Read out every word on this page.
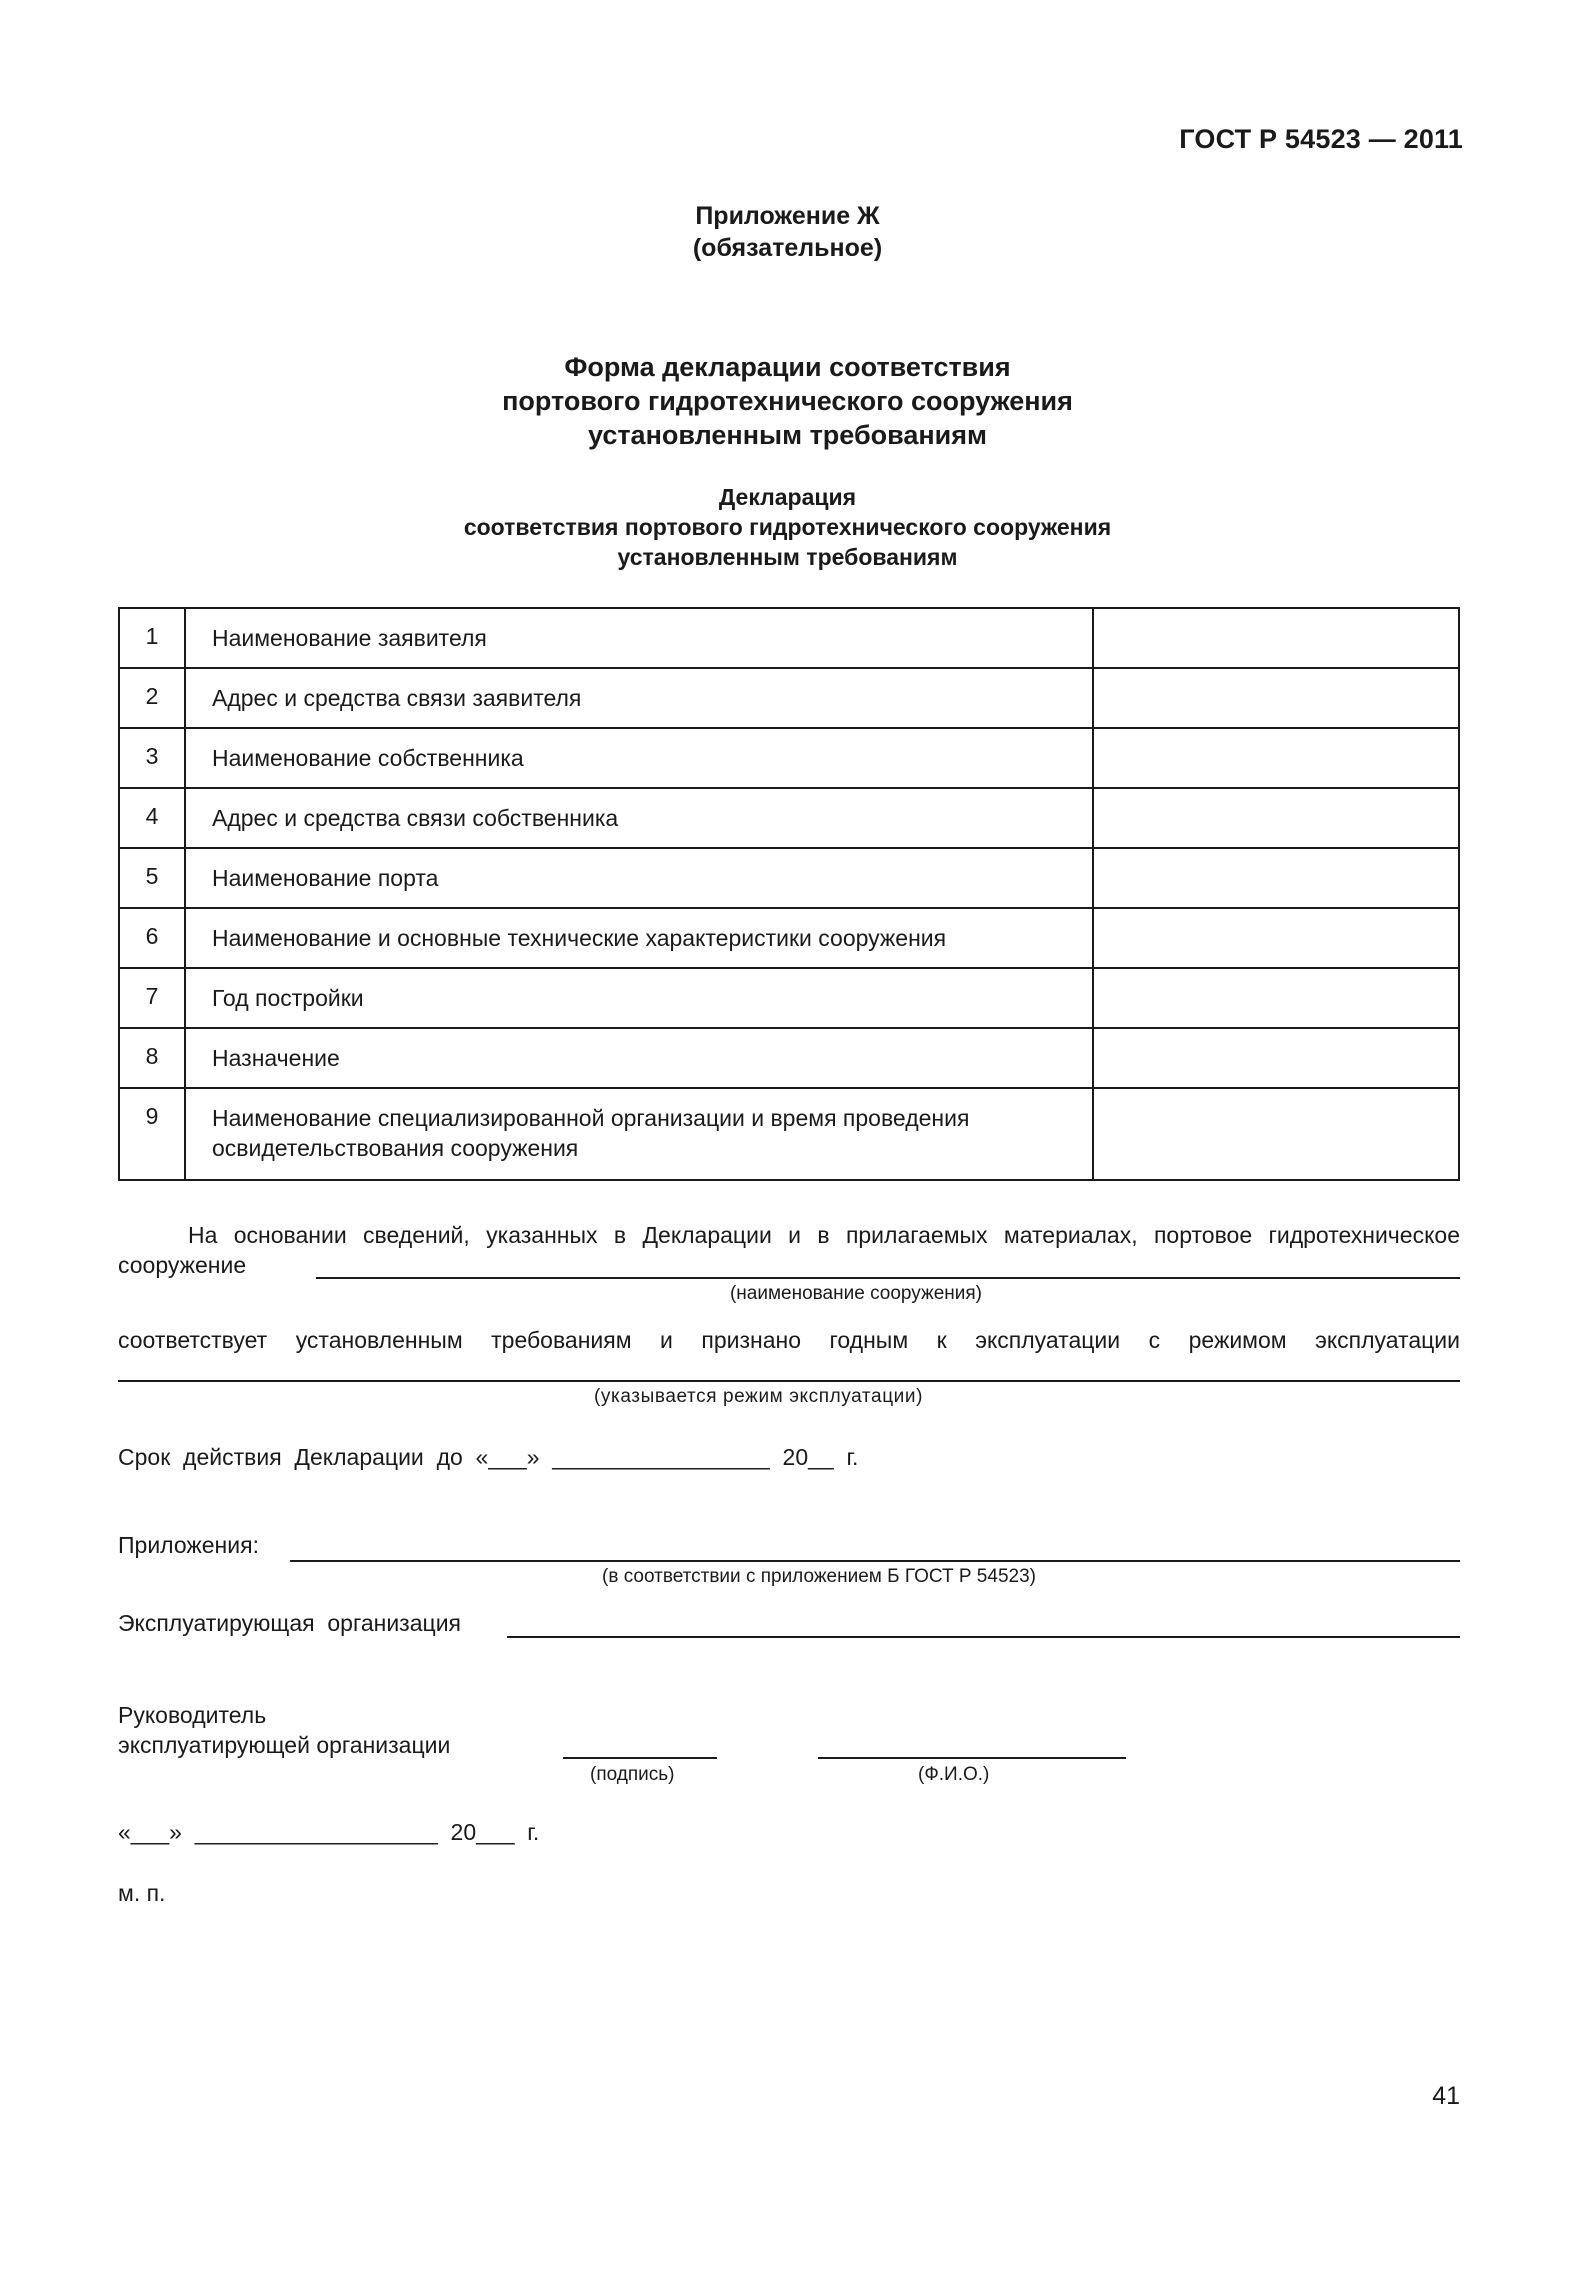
ГОСТ Р 54523 — 2011
Приложение Ж
(обязательное)
Форма декларации соответствия
портового гидротехнического сооружения
установленным требованиям
Декларация
соответствия портового гидротехнического сооружения
установленным требованиям
1	Наименование заявителя	
2	Адрес и средства связи заявителя	
3	Наименование собственника	
4	Адрес и средства связи собственника	
5	Наименование порта	
6	Наименование и основные технические характеристики сооружения	
7	Год постройки	
8	Назначение	
9	Наименование специализированной организации и время проведения освидетельствования сооружения	
На основании сведений, указанных в Декларации и в прилагаемых материалах, портовое гидротехническое сооружение
(наименование сооружения)
соответствует установленным требованиям и признано годным к эксплуатации с режимом эксплуатации
(указывается режим эксплуатации)
Срок  действия  Декларации  до  «___»  _________________  20__  г.
Приложения:
(в соответствии с приложением Б ГОСТ Р 54523)
Эксплуатирующая  организация
Руководитель
эксплуатирующей организации
(подпись)	(Ф.И.О.)
«___»  ___________________  20___  г.
м. п.
41
